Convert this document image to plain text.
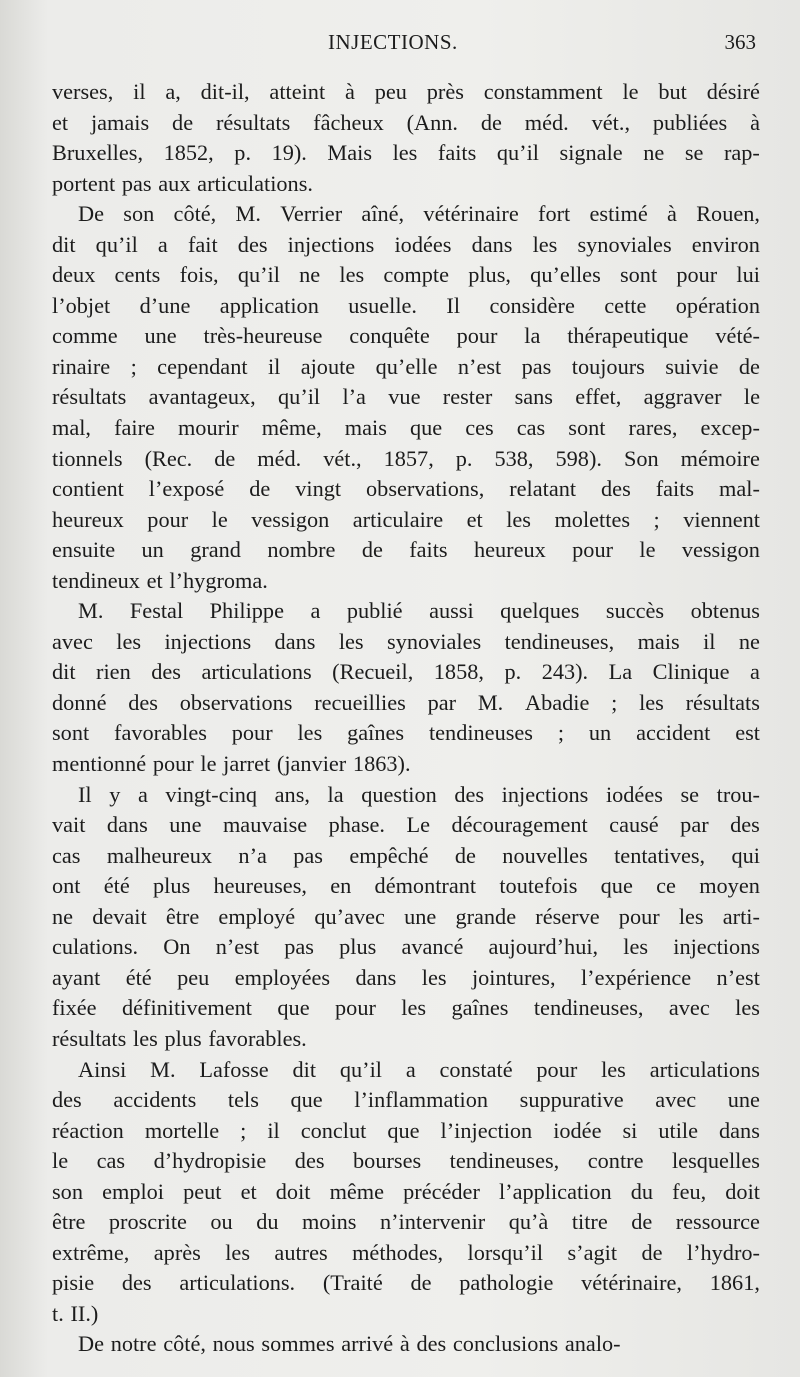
INJECTIONS.	363
verses, il a, dit-il, atteint à peu près constamment le but désiré
et jamais de résultats fâcheux (Ann. de méd. vét., publiées à
Bruxelles, 1852, p. 19). Mais les faits qu’il signale ne se rap-
portent pas aux articulations.
De son côté, M. Verrier aîné, vétérinaire fort estimé à Rouen,
dit qu’il a fait des injections iodées dans les synoviales environ
deux cents fois, qu’il ne les compte plus, qu’elles sont pour lui
l’objet d’une application usuelle. Il considère cette opération
comme une très-heureuse conquête pour la thérapeutique vété-
rinaire ; cependant il ajoute qu’elle n’est pas toujours suivie de
résultats avantageux, qu’il l’a vue rester sans effet, aggraver le
mal, faire mourir même, mais que ces cas sont rares, excep-
tionnels (Rec. de méd. vét., 1857, p. 538, 598). Son mémoire
contient l’exposé de vingt observations, relatant des faits mal-
heureux pour le vessigon articulaire et les molettes ; viennent
ensuite un grand nombre de faits heureux pour le vessigon
tendineux et l’hygroma.
M. Festal Philippe a publié aussi quelques succès obtenus
avec les injections dans les synoviales tendineuses, mais il ne
dit rien des articulations (Recueil, 1858, p. 243). La Clinique a
donné des observations recueillies par M. Abadie ; les résultats
sont favorables pour les gaînes tendineuses ; un accident est
mentionné pour le jarret (janvier 1863).
Il y a vingt-cinq ans, la question des injections iodées se trou-
vait dans une mauvaise phase. Le découragement causé par des
cas malheureux n’a pas empêché de nouvelles tentatives, qui
ont été plus heureuses, en démontrant toutefois que ce moyen
ne devait être employé qu’avec une grande réserve pour les arti-
culations. On n’est pas plus avancé aujourd’hui, les injections
ayant été peu employées dans les jointures, l’expérience n’est
fixée définitivement que pour les gaînes tendineuses, avec les
résultats les plus favorables.
Ainsi M. Lafosse dit qu’il a constaté pour les articulations
des accidents tels que l’inflammation suppurative avec une
réaction mortelle ; il conclut que l’injection iodée si utile dans
le cas d’hydropisie des bourses tendineuses, contre lesquelles
son emploi peut et doit même précéder l’application du feu, doit
être proscrite ou du moins n’intervenir qu’à titre de ressource
extrême, après les autres méthodes, lorsqu’il s’agit de l’hydro-
pisie des articulations. (Traité de pathologie vétérinaire, 1861,
t. II.)
De notre côté, nous sommes arrivé à des conclusions analo-
